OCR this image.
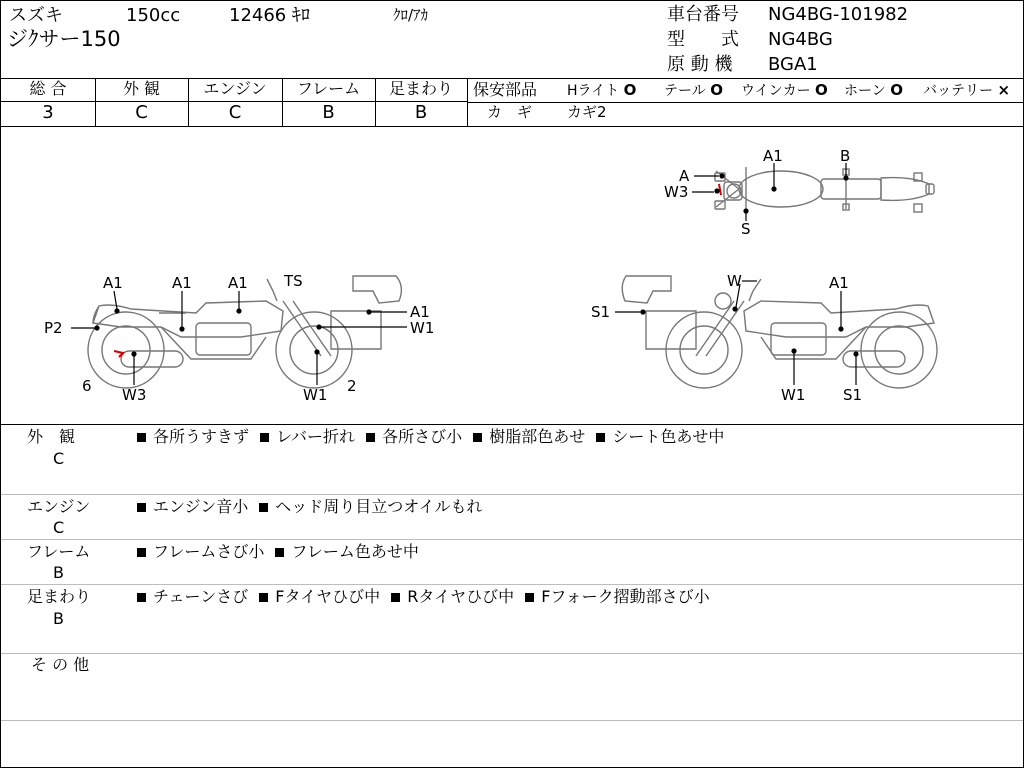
スズキ	150cc	12466 ｷﾛ	ｸﾛ/ｱｶ
ジｸサー150
車台番号 NG4BG-101982
型　　式 NG4BG
原 動 機 BGA1
総 合
3
外 観
C
エンジン
C
フレーム
B
足まわり
B
保安部品 Hライト O テール O ウインカー O ホーン O バッテリー ×
カ　ギ カギ2
A
W3
A1	B
S
A1	A1 A1 TS
A1
W1
P2
6 W3	W1 2
W	A1
S1
W1	S1
外　観
C
各所うすきず レバー折れ 各所さび小 樹脂部色あせ シート色あせ中
エンジン
C
エンジン音小 ヘッド周り目立つオイルもれ
フレーム
B
フレームさび小 フレーム色あせ中
足まわり
B
チェーンさび Fタイヤひび中 Rタイヤひび中 Fフォーク摺動部さび小
そ の 他
